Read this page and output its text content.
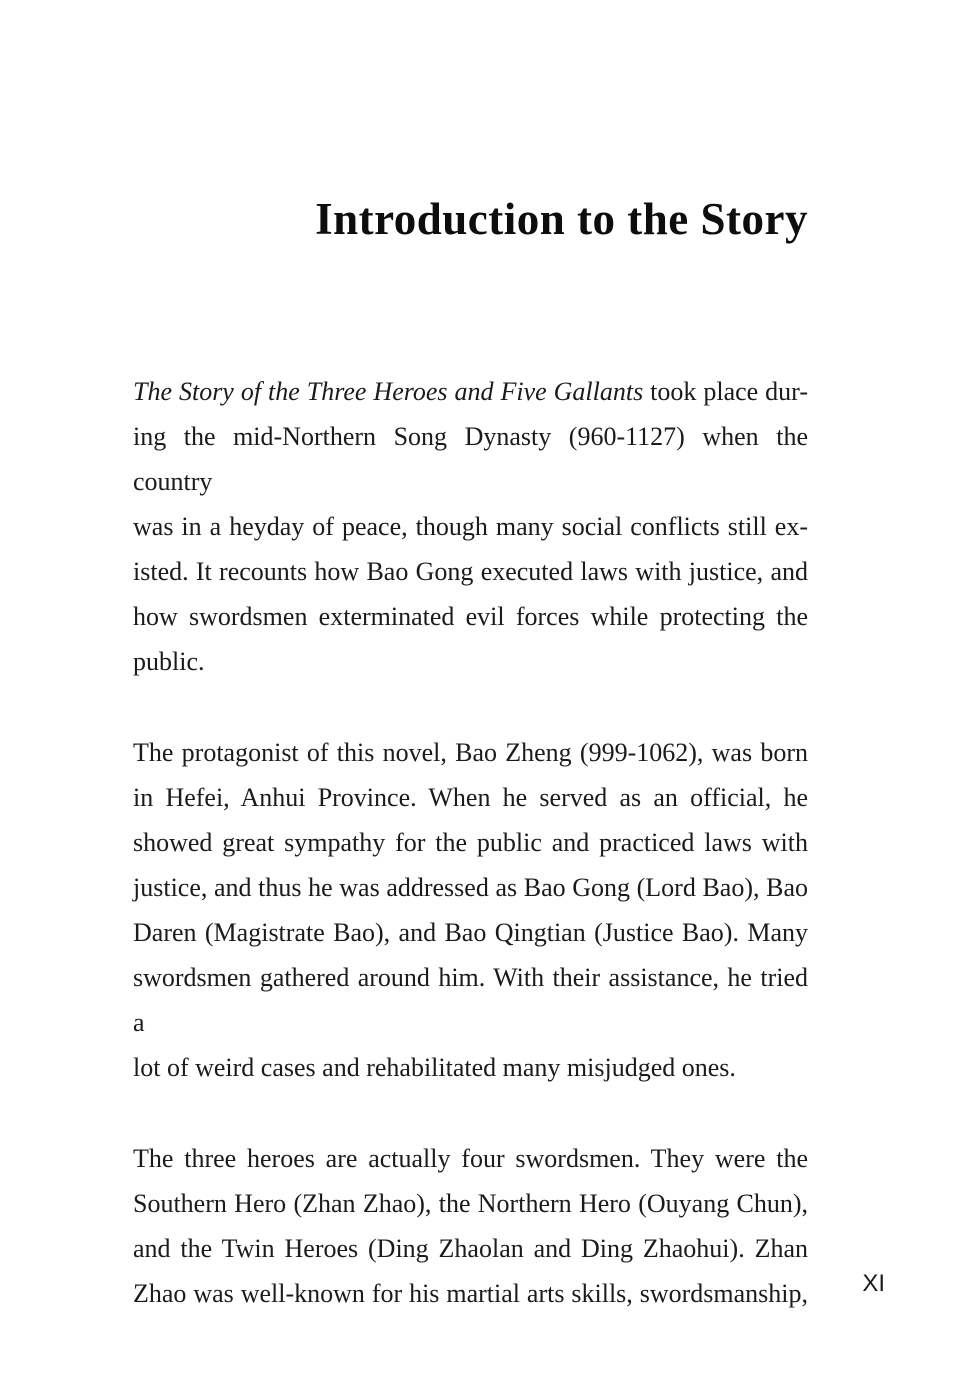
Introduction to the Story
The Story of the Three Heroes and Five Gallants took place dur-
ing the mid-Northern Song Dynasty (960-1127) when the country
was in a heyday of peace, though many social conflicts still ex-
isted. It recounts how Bao Gong executed laws with justice, and
how swordsmen exterminated evil forces while protecting the
public.
The protagonist of this novel, Bao Zheng (999-1062), was born
in Hefei, Anhui Province. When he served as an official, he
showed great sympathy for the public and practiced laws with
justice, and thus he was addressed as Bao Gong (Lord Bao), Bao
Daren (Magistrate Bao), and Bao Qingtian (Justice Bao). Many
swordsmen gathered around him. With their assistance, he tried a
lot of weird cases and rehabilitated many misjudged ones.
The three heroes are actually four swordsmen. They were the
Southern Hero (Zhan Zhao), the Northern Hero (Ouyang Chun),
and the Twin Heroes (Ding Zhaolan and Ding Zhaohui). Zhan
Zhao was well-known for his martial arts skills, swordsmanship, XI
